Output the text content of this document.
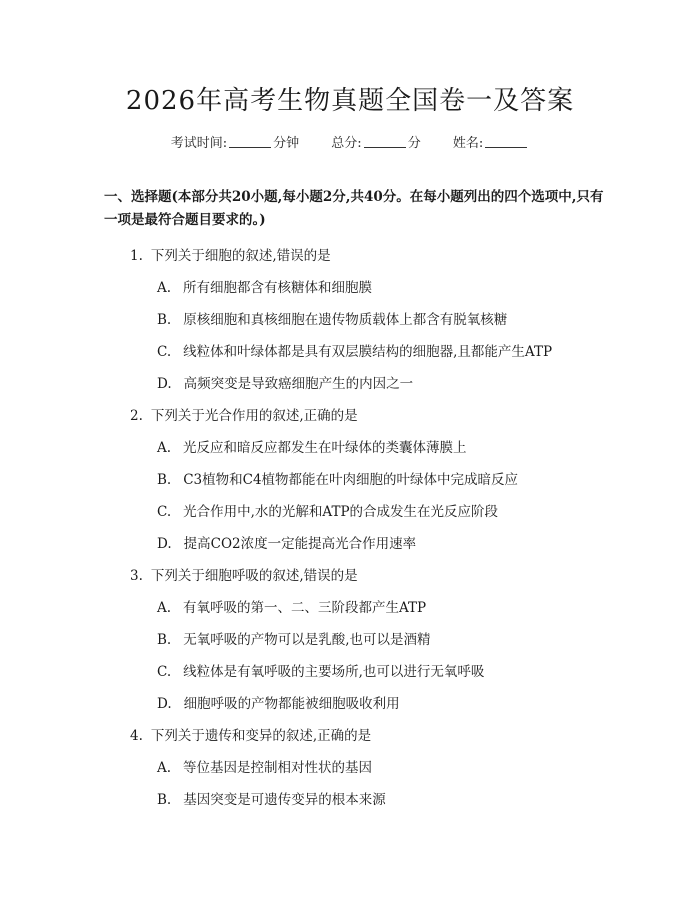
2026年高考生物真题全国卷一及答案
考试时间:	分钟 总分:	分 姓名:
一、选择题(本部分共20小题,每小题2分,共40分。在每小题列出的四个选项中,只有一项是最符合题目要求的。)
1. 下列关于细胞的叙述,错误的是
A. 所有细胞都含有核糖体和细胞膜
B. 原核细胞和真核细胞在遗传物质载体上都含有脱氧核糖
C. 线粒体和叶绿体都是具有双层膜结构的细胞器,且都能产生ATP
D. 高频突变是导致癌细胞产生的内因之一
2. 下列关于光合作用的叙述,正确的是
A. 光反应和暗反应都发生在叶绿体的类囊体薄膜上
B. C3植物和C4植物都能在叶肉细胞的叶绿体中完成暗反应
C. 光合作用中,水的光解和ATP的合成发生在光反应阶段
D. 提高CO2浓度一定能提高光合作用速率
3. 下列关于细胞呼吸的叙述,错误的是
A. 有氧呼吸的第一、二、三阶段都产生ATP
B. 无氧呼吸的产物可以是乳酸,也可以是酒精
C. 线粒体是有氧呼吸的主要场所,也可以进行无氧呼吸
D. 细胞呼吸的产物都能被细胞吸收利用
4. 下列关于遗传和变异的叙述,正确的是
A. 等位基因是控制相对性状的基因
B. 基因突变是可遗传变异的根本来源
